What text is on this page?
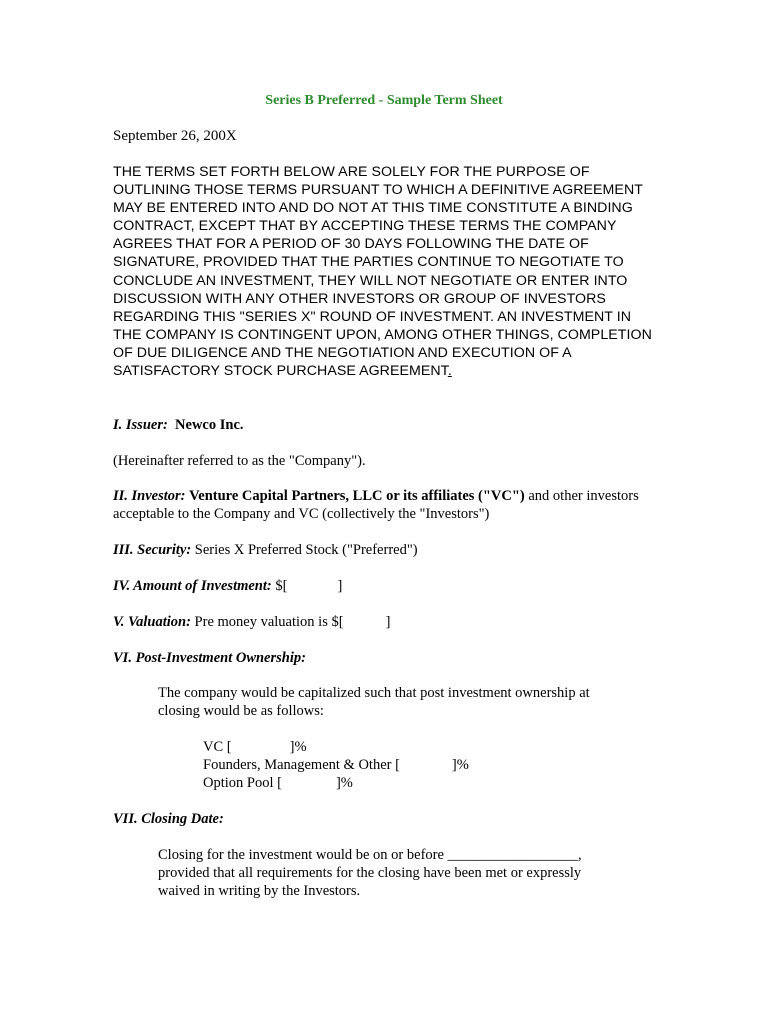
Series B Preferred - Sample Term Sheet
September 26, 200X
THE TERMS SET FORTH BELOW ARE SOLELY FOR THE PURPOSE OF OUTLINING THOSE TERMS PURSUANT TO WHICH A DEFINITIVE AGREEMENT MAY BE ENTERED INTO AND DO NOT AT THIS TIME CONSTITUTE A BINDING CONTRACT, EXCEPT THAT BY ACCEPTING THESE TERMS THE COMPANY AGREES THAT FOR A PERIOD OF 30 DAYS FOLLOWING THE DATE OF SIGNATURE, PROVIDED THAT THE PARTIES CONTINUE TO NEGOTIATE TO CONCLUDE AN INVESTMENT, THEY WILL NOT NEGOTIATE OR ENTER INTO DISCUSSION WITH ANY OTHER INVESTORS OR GROUP OF INVESTORS REGARDING THIS "SERIES X" ROUND OF INVESTMENT. AN INVESTMENT IN THE COMPANY IS CONTINGENT UPON, AMONG OTHER THINGS, COMPLETION OF DUE DILIGENCE AND THE NEGOTIATION AND EXECUTION OF A SATISFACTORY STOCK PURCHASE AGREEMENT.
I. Issuer: Newco Inc.
(Hereinafter referred to as the "Company").
II. Investor: Venture Capital Partners, LLC or its affiliates ("VC") and other investors acceptable to the Company and VC (collectively the "Investors")
III. Security: Series X Preferred Stock ("Preferred")
IV. Amount of Investment: $[	]
V. Valuation: Pre money valuation is $[	]
VI. Post-Investment Ownership:
The company would be capitalized such that post investment ownership at closing would be as follows:
VC [	]%
Founders, Management & Other [	]%
Option Pool [	]%
VII. Closing Date:
Closing for the investment would be on or before __________________, provided that all requirements for the closing have been met or expressly waived in writing by the Investors.
